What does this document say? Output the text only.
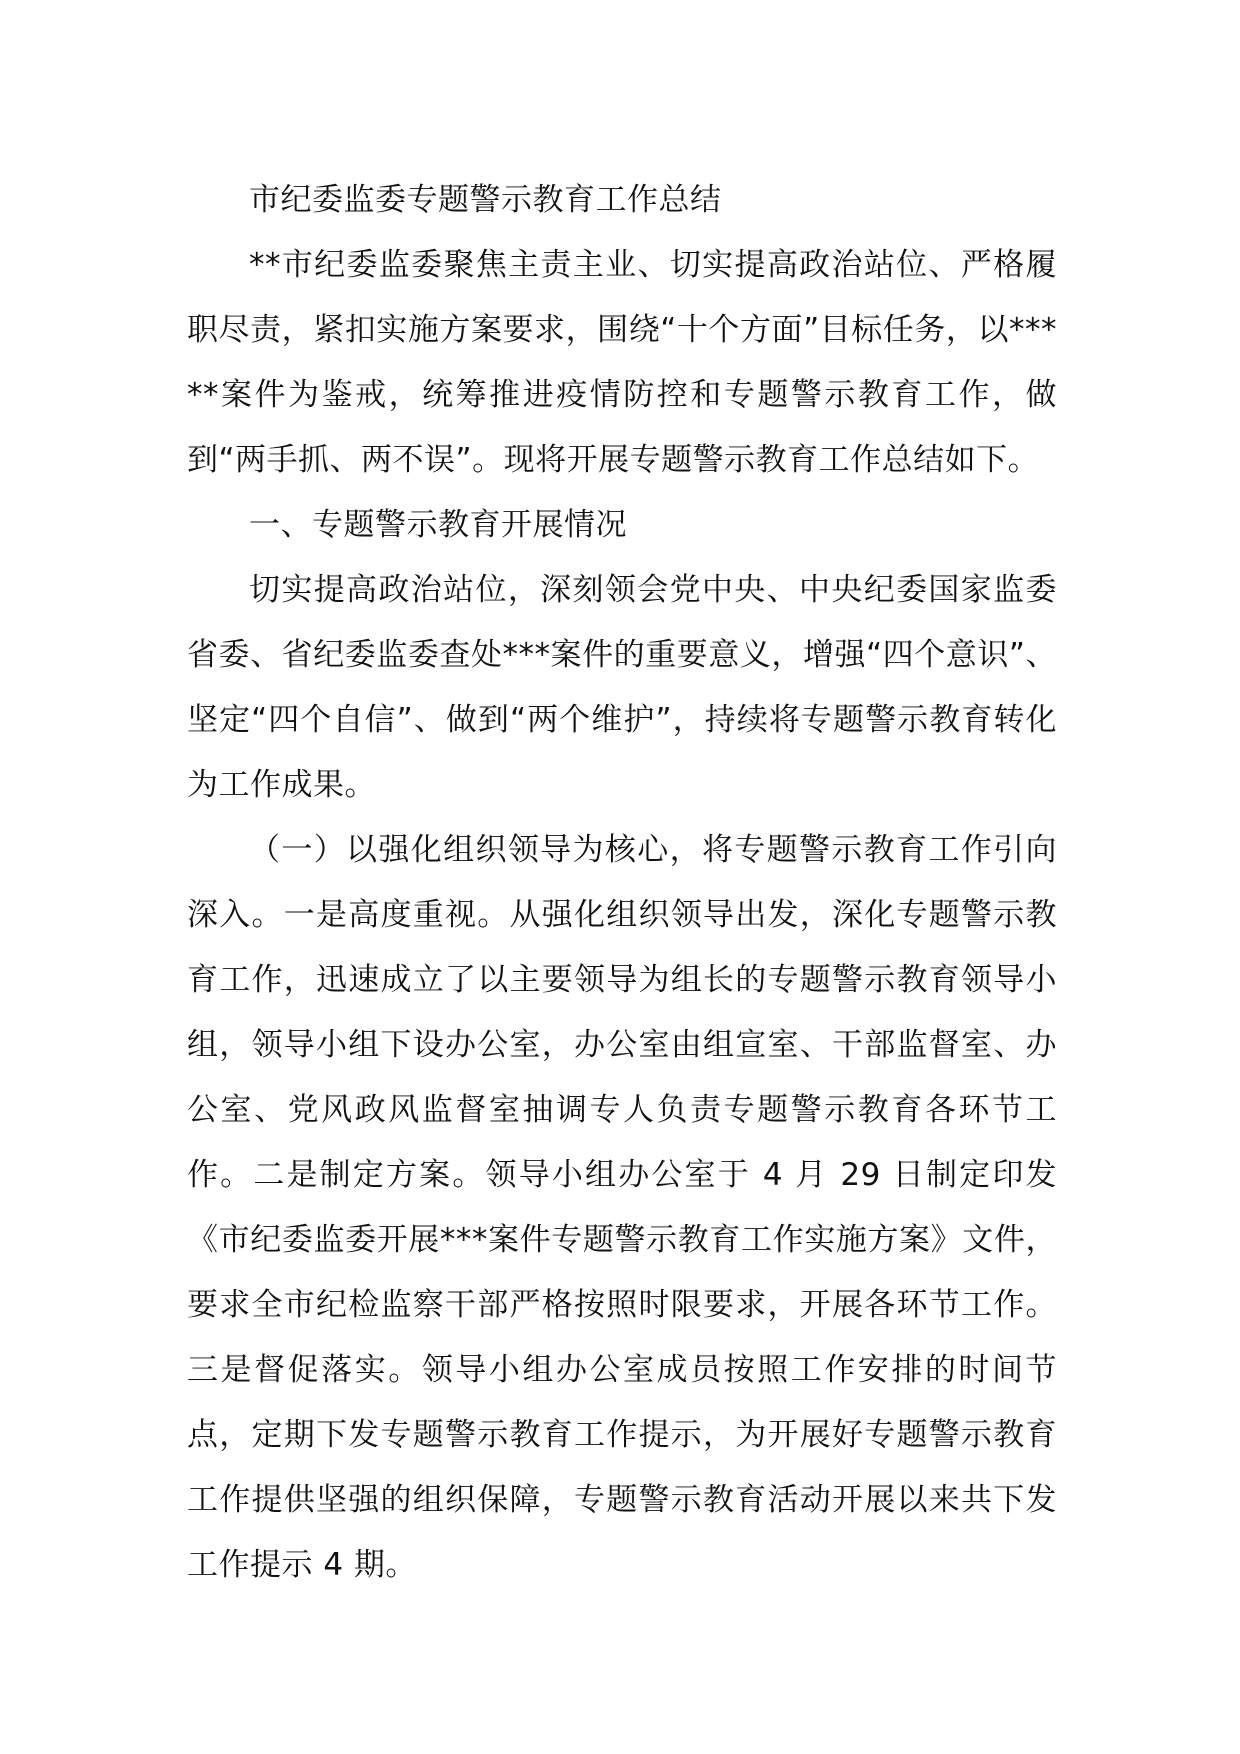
市纪委监委专题警示教育工作总结

**市纪委监委聚焦主责主业、切实提高政治站位、严格履职尽责，紧扣实施方案要求，围绕“十个方面”目标任务，以*****案件为鉴戒，统筹推进疫情防控和专题警示教育工作，做到“两手抓、两不误”。现将开展专题警示教育工作总结如下。

一、专题警示教育开展情况

切实提高政治站位，深刻领会党中央、中央纪委国家监委省委、省纪委监委查处***案件的重要意义，增强“四个意识”、坚定“四个自信”、做到“两个维护”，持续将专题警示教育转化为工作成果。

（一）以强化组织领导为核心，将专题警示教育工作引向深入。一是高度重视。从强化组织领导出发，深化专题警示教育工作，迅速成立了以主要领导为组长的专题警示教育领导小组，领导小组下设办公室，办公室由组宣室、干部监督室、办公室、党风政风监督室抽调专人负责专题警示教育各环节工作。二是制定方案。领导小组办公室于 4 月 29 日制定印发《市纪委监委开展***案件专题警示教育工作实施方案》文件，要求全市纪检监察干部严格按照时限要求，开展各环节工作。三是督促落实。领导小组办公室成员按照工作安排的时间节点，定期下发专题警示教育工作提示，为开展好专题警示教育工作提供坚强的组织保障，专题警示教育活动开展以来共下发工作提示 4 期。
